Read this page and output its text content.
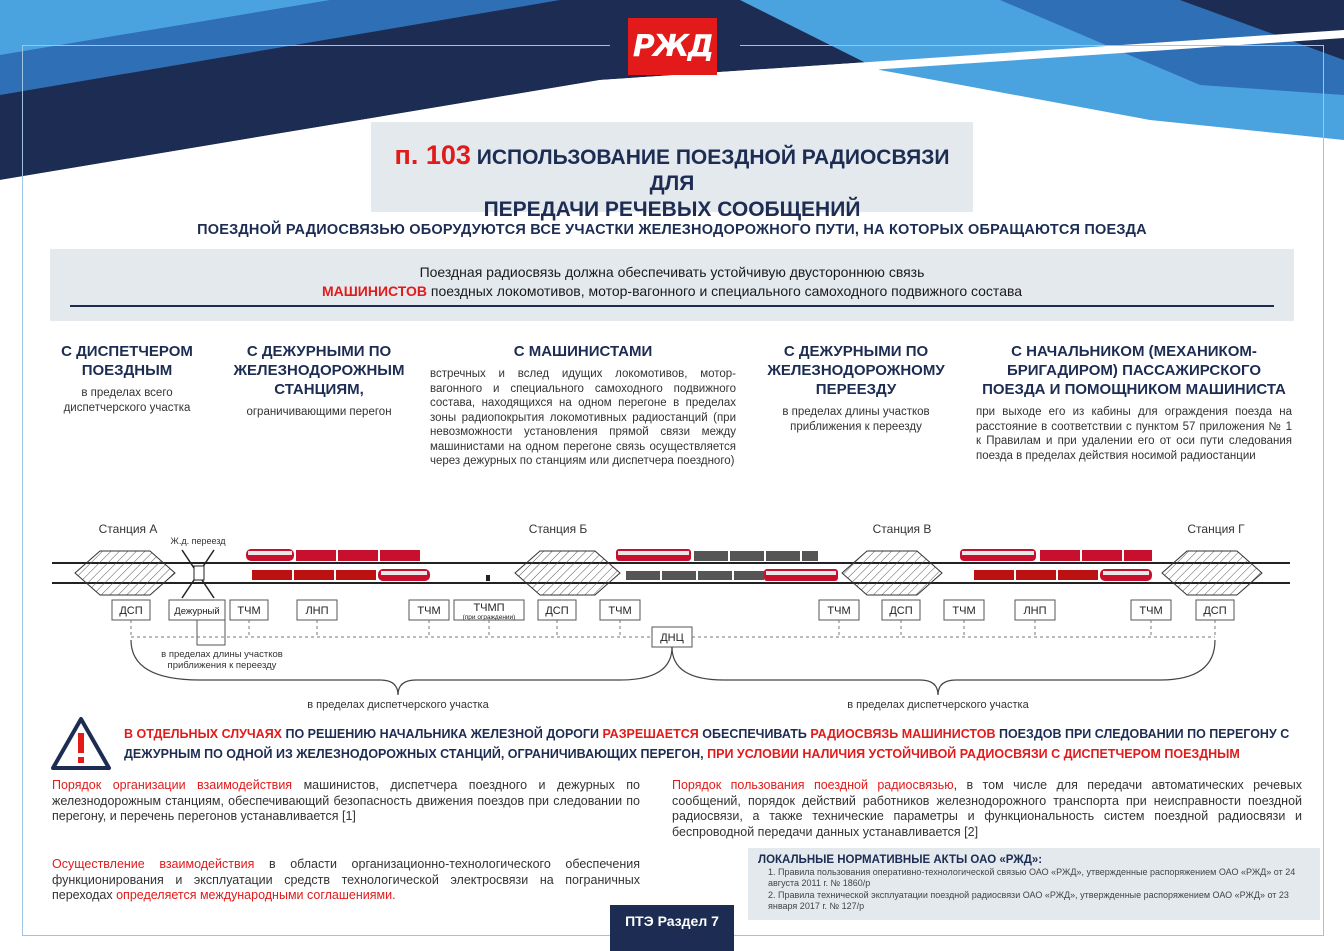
РЖД
п. 103 ИСПОЛЬЗОВАНИЕ ПОЕЗДНОЙ РАДИОСВЯЗИ ДЛЯ
ПЕРЕДАЧИ РЕЧЕВЫХ СООБЩЕНИЙ
ПОЕЗДНОЙ РАДИОСВЯЗЬЮ ОБОРУДУЮТСЯ ВСЕ УЧАСТКИ ЖЕЛЕЗНОДОРОЖНОГО ПУТИ, НА КОТОРЫХ ОБРАЩАЮТСЯ ПОЕЗДА
Поездная радиосвязь должна обеспечивать устойчивую двустороннюю связь
МАШИНИСТОВ поездных локомотивов, мотор-вагонного и специального самоходного подвижного состава
С ДИСПЕТЧЕРОМ ПОЕЗДНЫМ
в пределах всего диспетчерского участка
С ДЕЖУРНЫМИ ПО ЖЕЛЕЗНОДОРОЖНЫМ СТАНЦИЯМ,
ограничивающими перегон
С МАШИНИСТАМИ
встречных и вслед идущих локомотивов, мотор-вагонного и специального самоходного подвижного состава, находящихся на одном перегоне в пределах зоны радиопокрытия локомотивных радиостанций (при невозможности установления прямой связи между машинистами на одном перегоне связь осуществляется через дежурных по станциям или диспетчера поездного)
С ДЕЖУРНЫМИ ПО ЖЕЛЕЗНОДОРОЖНОМУ ПЕРЕЕЗДУ
в пределах длины участков приближения к переезду
С НАЧАЛЬНИКОМ (МЕХАНИКОМ-БРИГАДИРОМ) ПАССАЖИРСКОГО ПОЕЗДА И ПОМОЩНИКОМ МАШИНИСТА
при выходе его из кабины для ограждения поезда на расстояние в соответствии с пунктом 57 приложения № 1 к Правилам и при удалении его от оси пути следования поезда в пределах действия носимой радиостанции
Станция А	Станция Б	Станция В	Станция Г
Ж.д. переезд
ДСП	Дежурный ТЧМ	ЛНП	ТЧМ	ТЧМП
(при ограждении)
ДСП	ТЧМ	ТЧМ	ДСП	ТЧМ	ЛНП	ТЧМ	ДСП
ДНЦ
в пределах длины участков
приближения к переезду
в пределах диспетчерского участка	в пределах диспетчерского участка
В ОТДЕЛЬНЫХ СЛУЧАЯХ ПО РЕШЕНИЮ НАЧАЛЬНИКА ЖЕЛЕЗНОЙ ДОРОГИ РАЗРЕШАЕТСЯ ОБЕСПЕЧИВАТЬ РАДИОСВЯЗЬ МАШИНИСТОВ ПОЕЗДОВ ПРИ СЛЕДОВАНИИ ПО ПЕРЕГОНУ С ДЕЖУРНЫМ ПО ОДНОЙ ИЗ ЖЕЛЕЗНОДОРОЖНЫХ СТАНЦИЙ, ОГРАНИЧИВАЮЩИХ ПЕРЕГОН, ПРИ УСЛОВИИ НАЛИЧИЯ УСТОЙЧИВОЙ РАДИОСВЯЗИ С ДИСПЕТЧЕРОМ ПОЕЗДНЫМ
Порядок организации взаимодействия машинистов, диспетчера поездного и дежурных по железнодорожным станциям, обеспечивающий безопасность движения поездов при следовании по перегону, и перечень перегонов устанавливается [1]
Осуществление взаимодействия в области организационно-технологического обеспечения функционирования и эксплуатации средств технологической электросвязи на пограничных переходах определяется международными соглашениями.
Порядок пользования поездной радиосвязью, в том числе для передачи автоматических речевых сообщений, порядок действий работников железнодорожного транспорта при неисправности поездной радиосвязи, а также технические параметры и функциональность систем поездной радиосвязи и беспроводной передачи данных устанавливается [2]
ЛОКАЛЬНЫЕ НОРМАТИВНЫЕ АКТЫ ОАО «РЖД»:
1. Правила пользования оперативно-технологической связью ОАО «РЖД», утвержденные распоряжением ОАО «РЖД» от 24 августа 2011 г. № 1860/р
2. Правила технической эксплуатации поездной радиосвязи ОАО «РЖД», утвержденные распоряжением ОАО «РЖД» от 23 января 2017 г. № 127/р
ПТЭ Раздел 7
